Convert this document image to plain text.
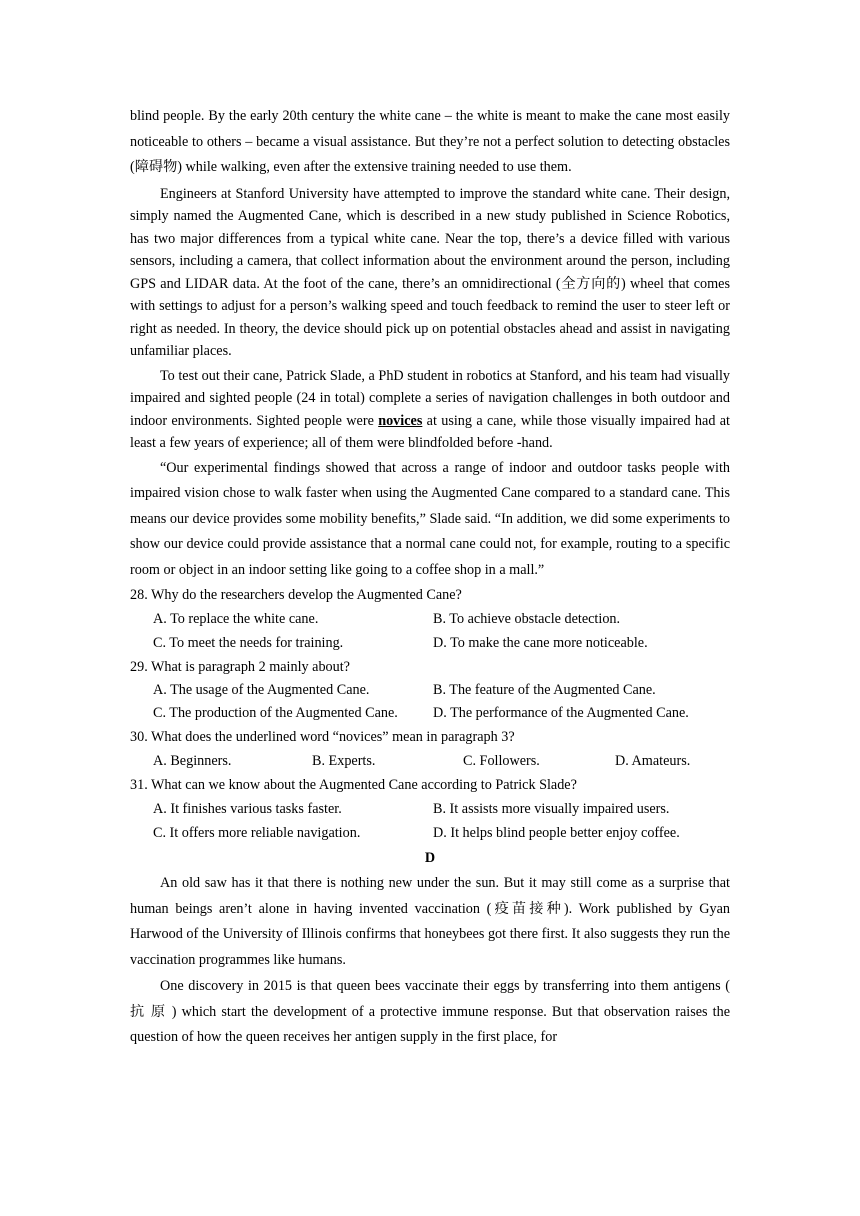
blind people. By the early 20th century the white cane – the white is meant to make the cane most easily noticeable to others – became a visual assistance. But they’re not a perfect solution to detecting obstacles (障碍物) while walking, even after the extensive training needed to use them.

Engineers at Stanford University have attempted to improve the standard white cane. Their design, simply named the Augmented Cane, which is described in a new study published in Science Robotics, has two major differences from a typical white cane. Near the top, there’s a device filled with various sensors, including a camera, that collect information about the environment around the person, including GPS and LIDAR data. At the foot of the cane, there’s an omnidirectional (全方向的) wheel that comes with settings to adjust for a person’s walking speed and touch feedback to remind the user to steer left or right as needed. In theory, the device should pick up on potential obstacles ahead and assist in navigating unfamiliar places.

To test out their cane, Patrick Slade, a PhD student in robotics at Stanford, and his team had visually impaired and sighted people (24 in total) complete a series of navigation challenges in both outdoor and indoor environments. Sighted people were novices at using a cane, while those visually impaired had at least a few years of experience; all of them were blindfolded before -hand.

“Our experimental findings showed that across a range of indoor and outdoor tasks people with impaired vision chose to walk faster when using the Augmented Cane compared to a standard cane. This means our device provides some mobility benefits,” Slade said. “In addition, we did some experiments to show our device could provide assistance that a normal cane could not, for example, routing to a specific room or object in an indoor setting like going to a coffee shop in a mall.”

28. Why do the researchers develop the Augmented Cane?

A. To replace the white cane.	B. To achieve obstacle detection.
C. To meet the needs for training.	D. To make the cane more noticeable.

29. What is paragraph 2 mainly about?

A. The usage of the Augmented Cane.	B. The feature of the Augmented Cane.
C. The production of the Augmented Cane. D. The performance of the Augmented Cane.

30. What does the underlined word “novices” mean in paragraph 3?

A. Beginners.	B. Experts.	C. Followers.	D. Amateurs.

31. What can we know about the Augmented Cane according to Patrick Slade?

A. It finishes various tasks faster.	B. It assists more visually impaired users.
C. It offers more reliable navigation.	D. It helps blind people better enjoy coffee.

D

An old saw has it that there is nothing new under the sun. But it may still come as a surprise that human beings aren’t alone in having invented vaccination (疫苗接种). Work published by Gyan Harwood of the University of Illinois confirms that honeybees got there first. It also suggests they run the vaccination programmes like humans.

One discovery in 2015 is that queen bees vaccinate their eggs by transferring into them antigens ( 抗 原 ) which start the development of a protective immune response. But that observation raises the question of how the queen receives her antigen supply in the first place, for
